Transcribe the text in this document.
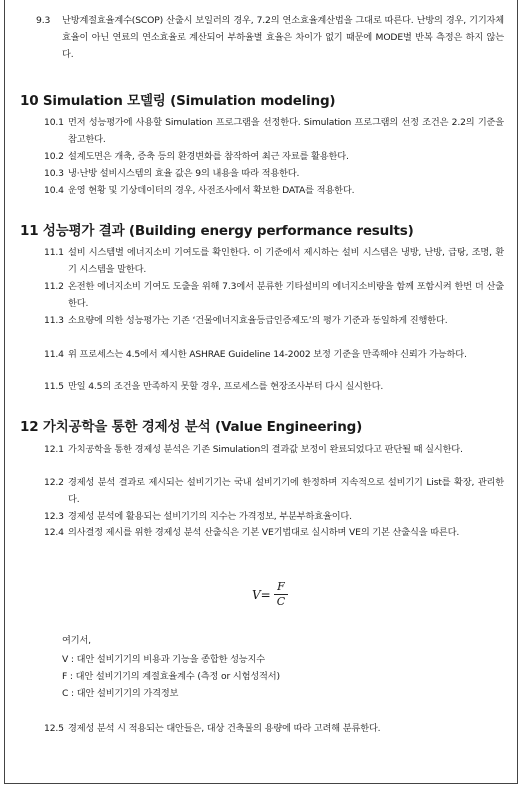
9.3	난방계절효율계수(SCOP) 산출시 보일러의 경우, 7.2의 연소효율계산법을 그대로 따른다. 난방의 경우, 기기자체 효율이 아닌 연료의 연소효율로 계산되어 부하율별 효율은 차이가 없기 때문에 MODE별 반복 측정은 하지 않는다.
10 Simulation 모델링 (Simulation modeling)
10.1 먼저 성능평가에 사용할 Simulation 프로그램을 선정한다. Simulation 프로그램의 선정 조건은 2.2의 기준을 참고한다.
10.2 설계도면은 개축, 증축 등의 환경변화를 참작하여 최근 자료를 활용한다.
10.3 냉·난방 설비시스템의 효율 값은 9의 내용을 따라 적용한다.
10.4 운영 현황 및 기상데이터의 경우, 사전조사에서 확보한 DATA를 적용한다.
11 성능평가 결과 (Building energy performance results)
11.1 설비 시스템별 에너지소비 기여도를 확인한다. 이 기준에서 제시하는 설비 시스템은 냉방, 난방, 급탕, 조명, 환기 시스템을 말한다.
11.2 온전한 에너지소비 기여도 도출을 위해 7.3에서 분류한 기타설비의 에너지소비량을 함께 포함시켜 한번 더 산출한다.
11.3 소요량에 의한 성능평가는 기존 ‘건물에너지효율등급인증제도’의 평가 기준과 동일하게 진행한다.
11.4 위 프로세스는 4.5에서 제시한 ASHRAE Guideline 14-2002 보정 기준을 만족해야 신뢰가 가능하다.
11.5 만일 4.5의 조건을 만족하지 못할 경우, 프로세스를 현장조사부터 다시 실시한다.
12 가치공학을 통한 경제성 분석 (Value Engineering)
12.1 가치공학을 통한 경제성 분석은 기존 Simulation의 결과값 보정이 완료되었다고 판단될 때 실시한다.
12.2 경제성 분석 결과로 제시되는 설비기기는 국내 설비기기에 한정하며 지속적으로 설비기기 List를 확장, 관리한다.
12.3 경제성 분석에 활용되는 설비기기의 지수는 가격정보, 부분부하효율이다.
12.4 의사결정 제시를 위한 경제성 분석 산출식은 기본 VE기법대로 실시하며 VE의 기본 산출식을 따른다.
V=
F
C
여기서,
V : 대안 설비기기의 비용과 기능을 종합한 성능지수
F : 대안 설비기기의 계절효율계수 (측정 or 시험성적서)
C : 대안 설비기기의 가격정보
12.5 경제성 분석 시 적용되는 대안들은, 대상 건축물의 용량에 따라 고려해 분류한다.
